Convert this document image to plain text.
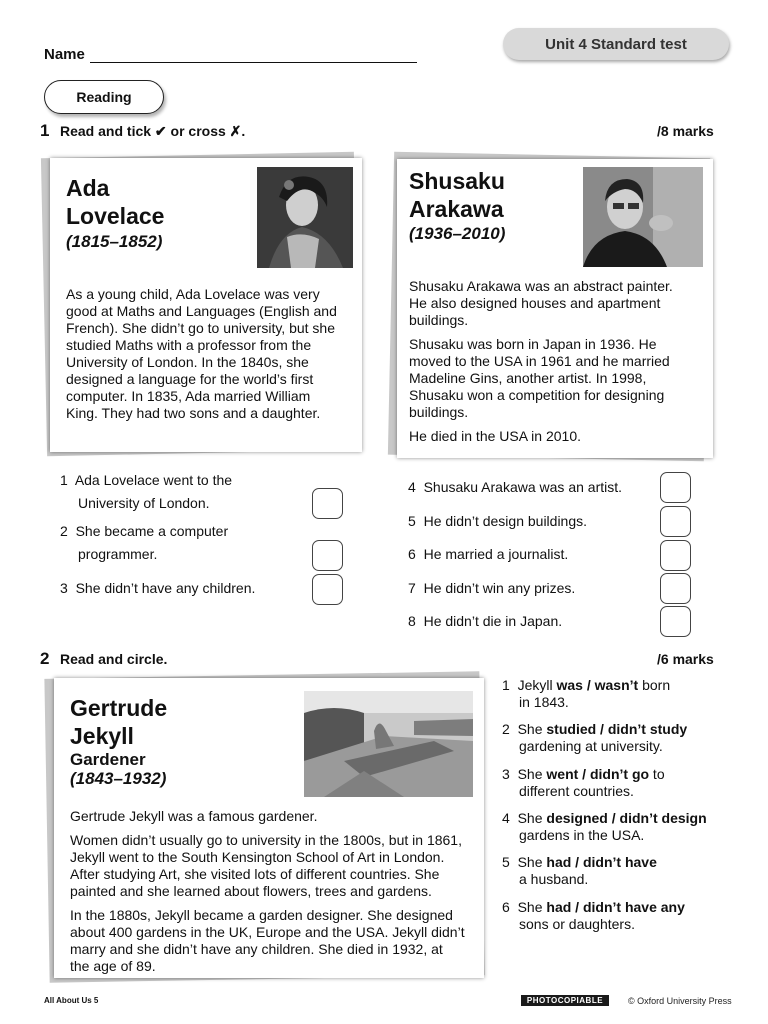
Unit 4 Standard test
Name
Reading
1 Read and tick ✔ or cross ✗.	/8 marks
Ada
Lovelace
(1815–1852)
As a young child, Ada Lovelace was very
good at Maths and Languages (English and
French). She didn’t go to university, but she
studied Maths with a professor from the
University of London. In the 1840s, she
designed a language for the world’s first
computer. In 1835, Ada married William
King. They had two sons and a daughter.
Shusaku
Arakawa
(1936–2010)
Shusaku Arakawa was an abstract painter.
He also designed houses and apartment
buildings.
Shusaku was born in Japan in 1936. He
moved to the USA in 1961 and he married
Madeline Gins, another artist. In 1998,
Shusaku won a competition for designing
buildings.
He died in the USA in 2010.
1 Ada Lovelace went to the
University of London.
2 She became a computer
programmer.
3 She didn’t have any children.
4 Shusaku Arakawa was an artist.
5 He didn’t design buildings.
6 He married a journalist.
7 He didn’t win any prizes.
8 He didn’t die in Japan.
2 Read and circle.	/6 marks
Gertrude
Jekyll
Gardener
(1843–1932)
Gertrude Jekyll was a famous gardener.
Women didn’t usually go to university in the 1800s, but in 1861,
Jekyll went to the South Kensington School of Art in London.
After studying Art, she visited lots of different countries. She
painted and she learned about flowers, trees and gardens.
In the 1880s, Jekyll became a garden designer. She designed
about 400 gardens in the UK, Europe and the USA. Jekyll didn’t
marry and she didn’t have any children. She died in 1932, at
the age of 89.
1 Jekyll was / wasn’t born
in 1843.
2 She studied / didn’t study
gardening at university.
3 She went / didn’t go to
different countries.
4 She designed / didn’t design
gardens in the USA.
5 She had / didn’t have
a husband.
6 She had / didn’t have any
sons or daughters.
All About Us 5	PHOTOCOPIABLE	© Oxford University Press
